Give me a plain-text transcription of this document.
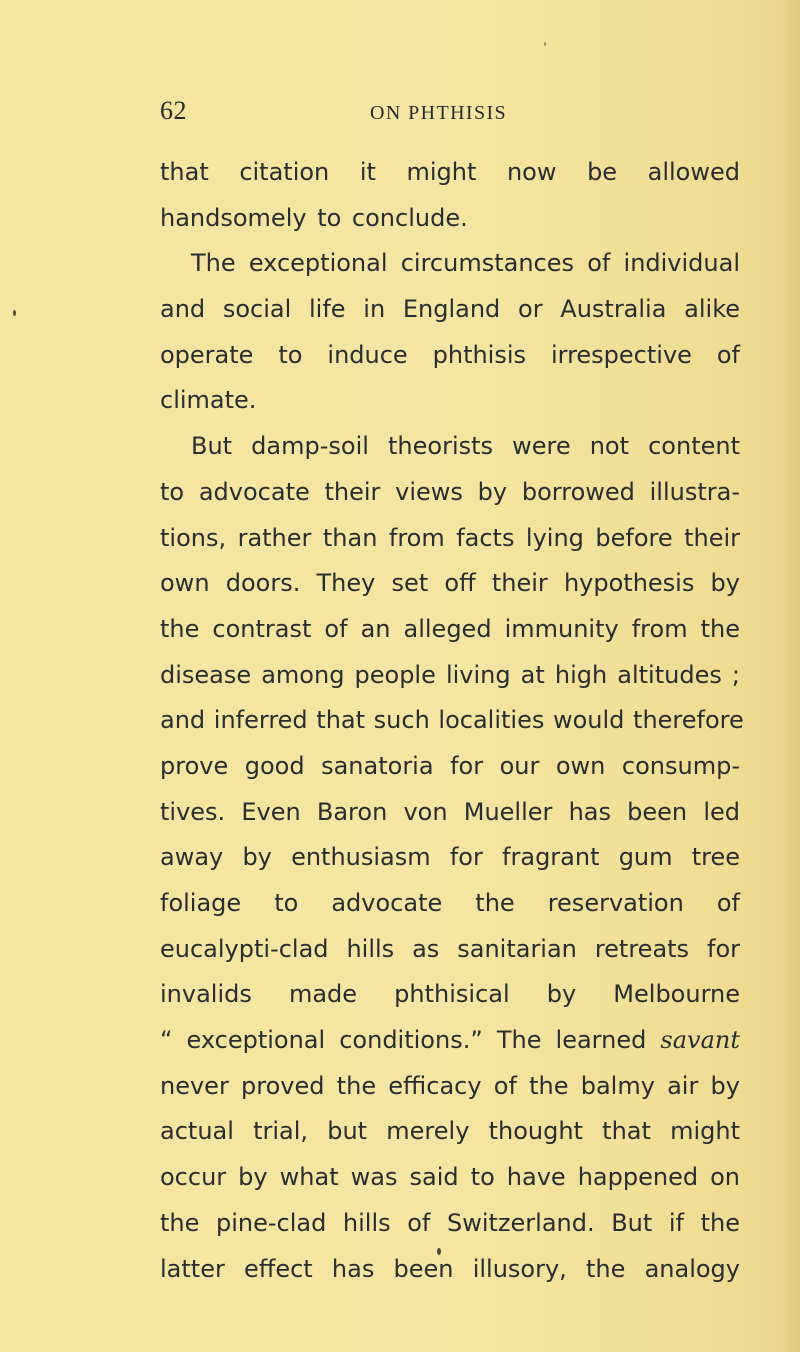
62	ON PHTHISIS
that citation it might now be allowed
handsomely to conclude.
The exceptional circumstances of individual
and social life in England or Australia alike
operate to induce phthisis irrespective of
climate.
But damp-soil theorists were not content
to advocate their views by borrowed illustra-
tions, rather than from facts lying before their
own doors. They set off their hypothesis by
the contrast of an alleged immunity from the
disease among people living at high altitudes ;
and inferred that such localities would therefore
prove good sanatoria for our own consump-
tives. Even Baron von Mueller has been led
away by enthusiasm for fragrant gum tree
foliage to advocate the reservation of
eucalypti-clad hills as sanitarian retreats for
invalids made phthisical by Melbourne
“ exceptional conditions.” The learned savant
never proved the efficacy of the balmy air by
actual trial, but merely thought that might
occur by what was said to have happened on
the pine-clad hills of Switzerland. But if the
latter effect has been illusory, the analogy
